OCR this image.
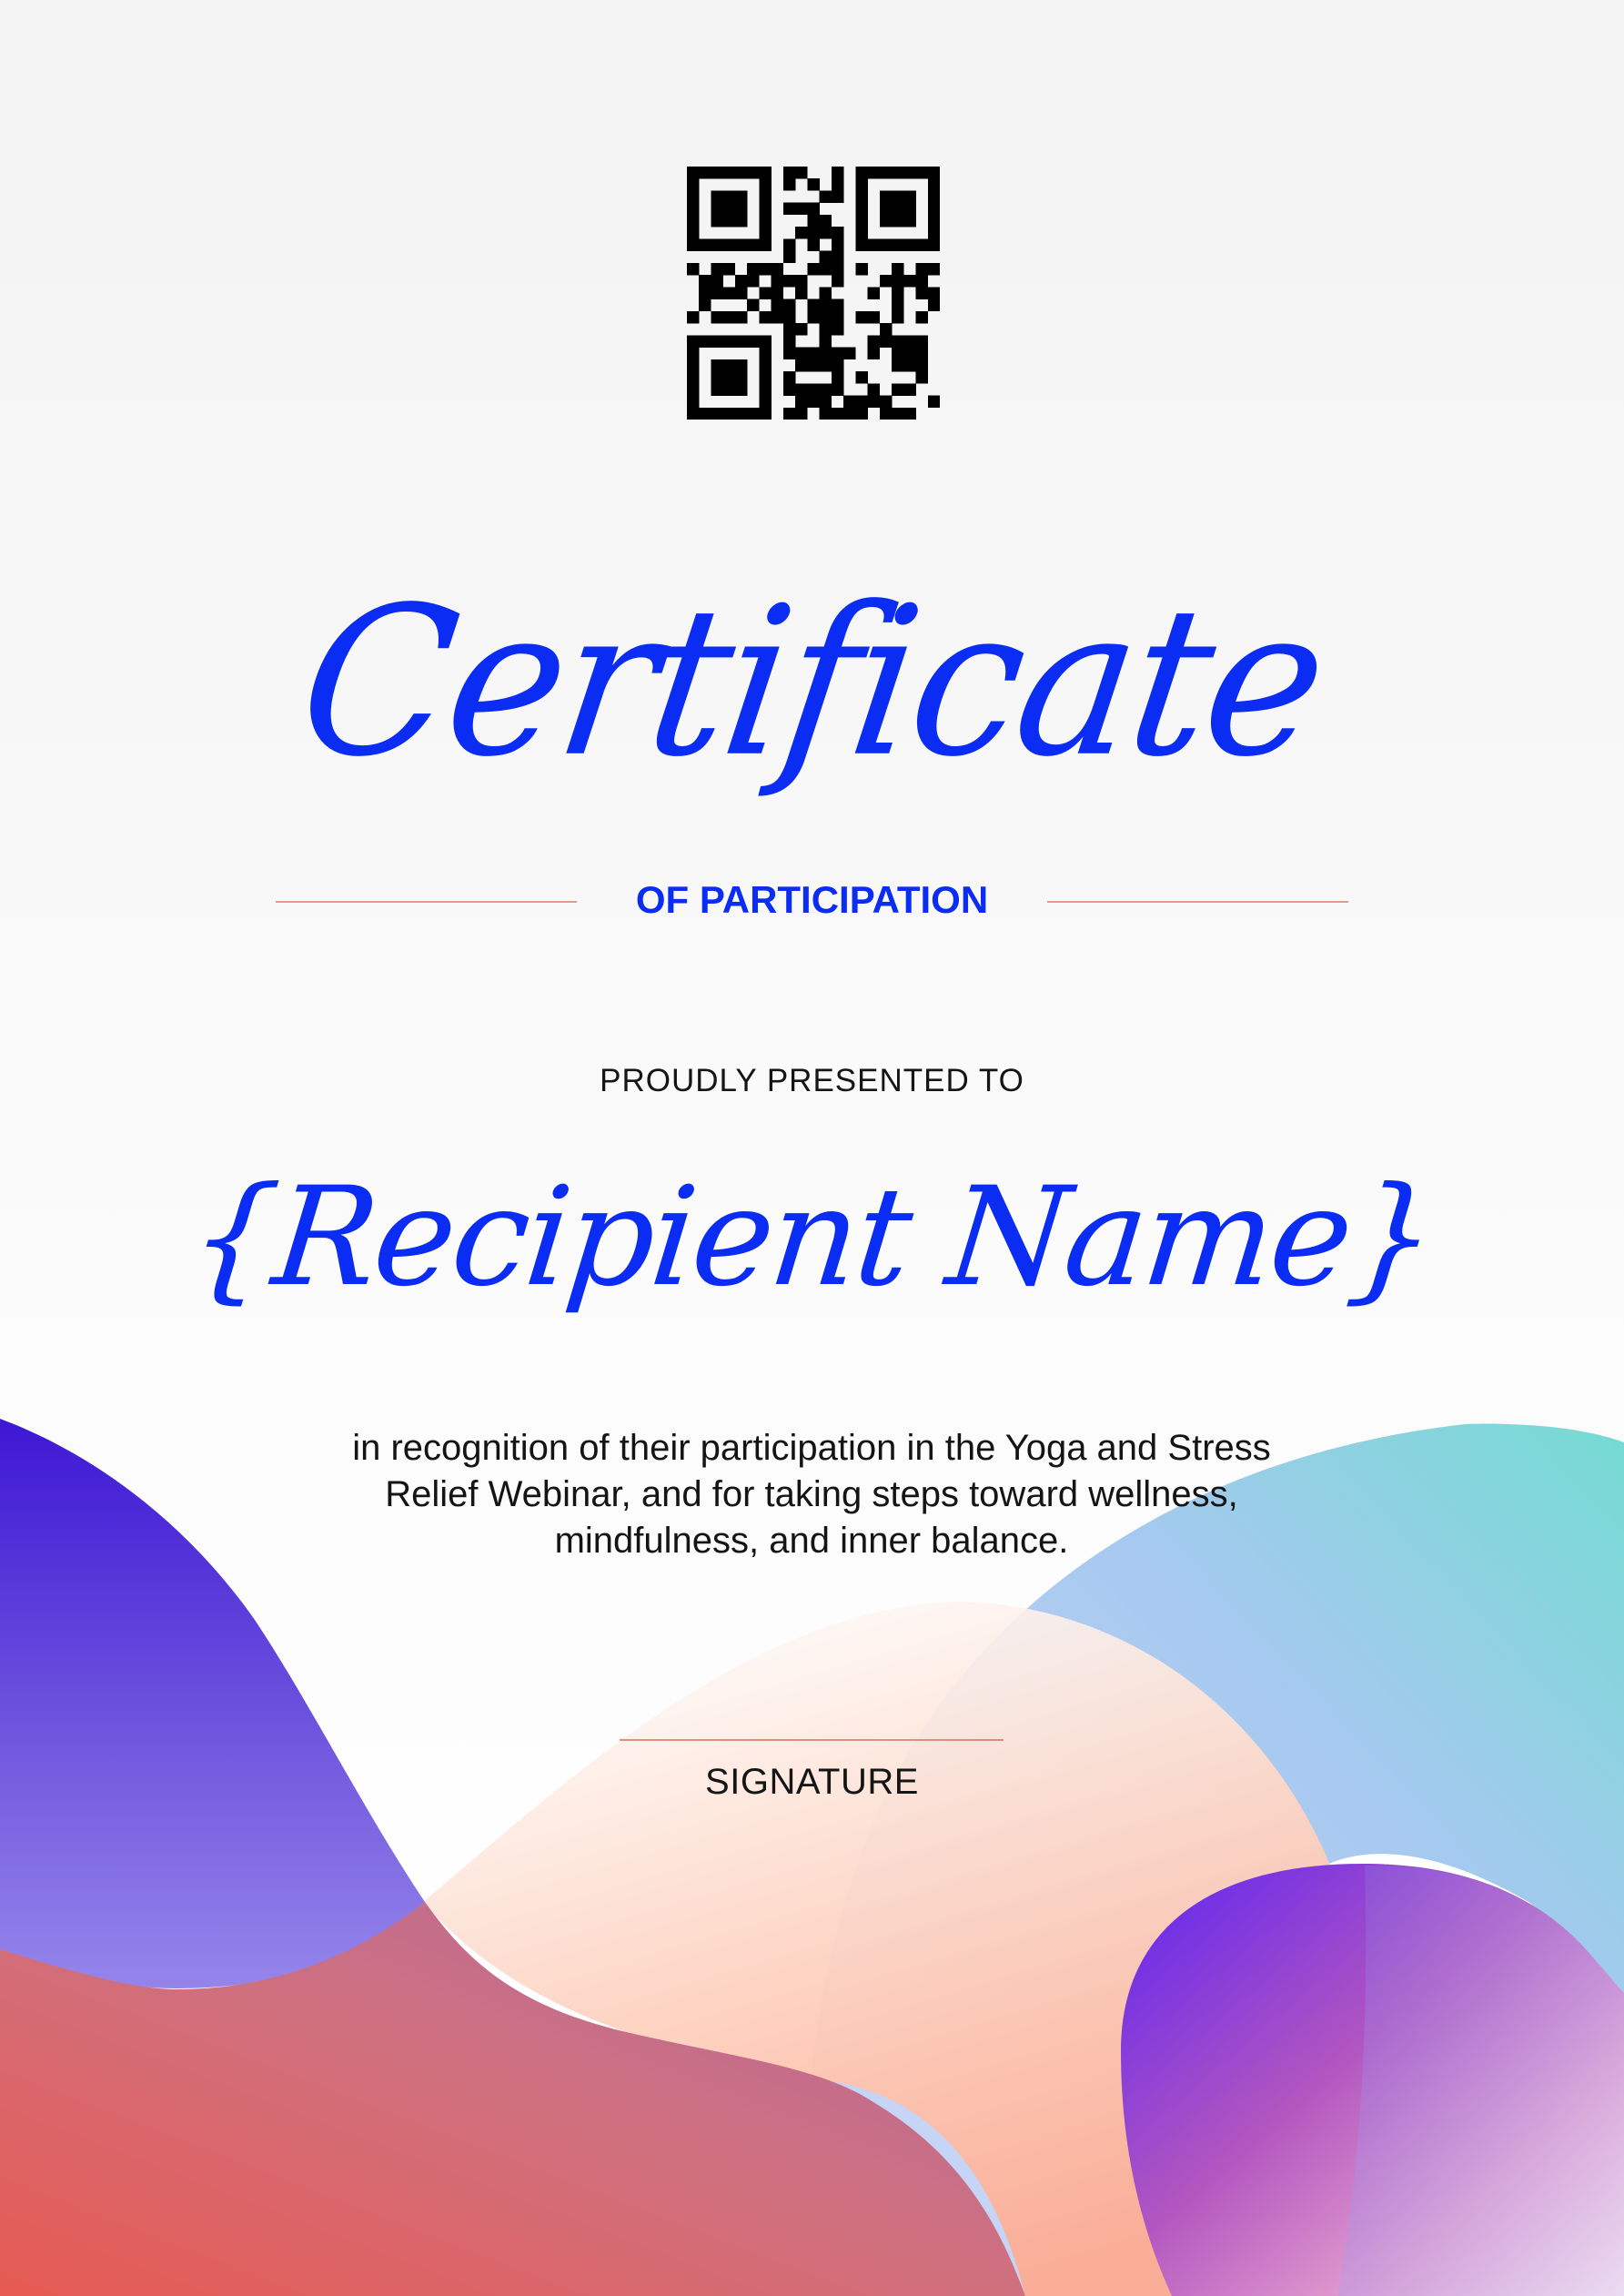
Certificate
OF PARTICIPATION
PROUDLY PRESENTED TO
{Recipient Name}
in recognition of their participation in the Yoga and Stress
Relief Webinar, and for taking steps toward wellness,
mindfulness, and inner balance.
SIGNATURE
